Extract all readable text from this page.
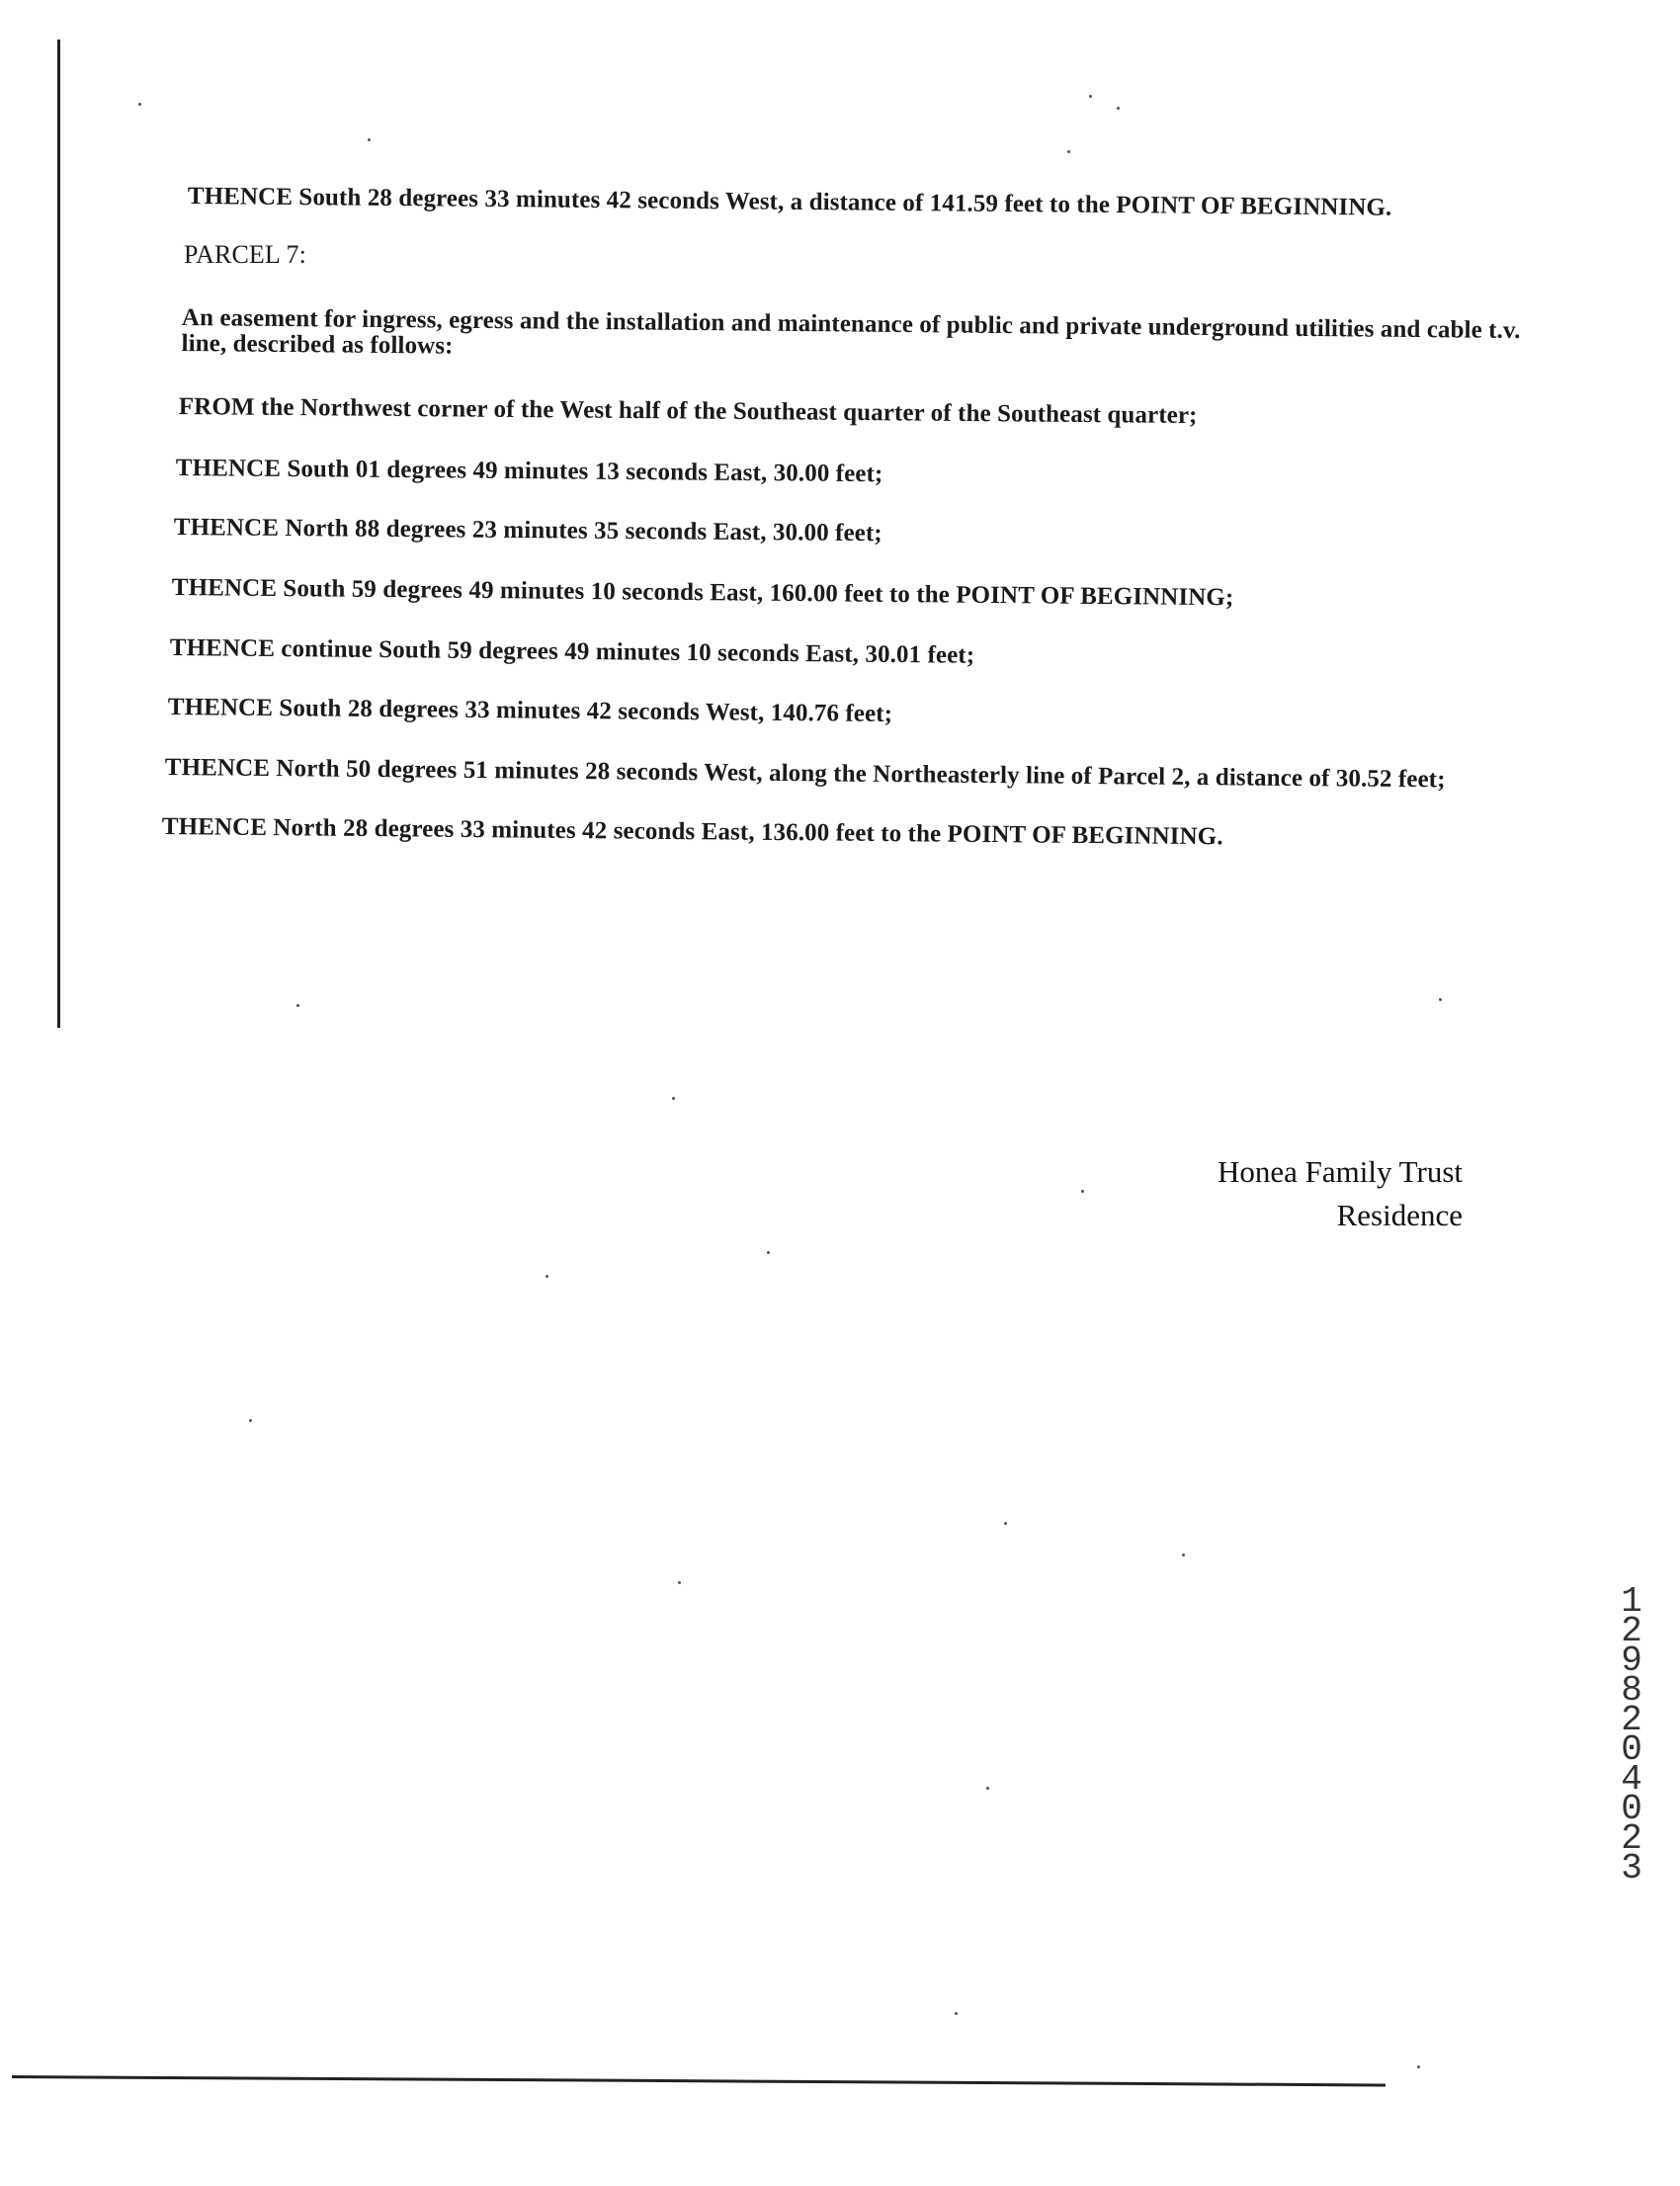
THENCE South 28 degrees 33 minutes 42 seconds West, a distance of 141.59 feet to the POINT OF BEGINNING.

PARCEL 7:

An easement for ingress, egress and the installation and maintenance of public and private underground utilities and cable t.v. line, described as follows:

FROM the Northwest corner of the West half of the Southeast quarter of the Southeast quarter;

THENCE South 01 degrees 49 minutes 13 seconds East, 30.00 feet;

THENCE North 88 degrees 23 minutes 35 seconds East, 30.00 feet;

THENCE South 59 degrees 49 minutes 10 seconds East, 160.00 feet to the POINT OF BEGINNING;

THENCE continue South 59 degrees 49 minutes 10 seconds East, 30.01 feet;

THENCE South 28 degrees 33 minutes 42 seconds West, 140.76 feet;

THENCE North 50 degrees 51 minutes 28 seconds West, along the Northeasterly line of Parcel 2, a distance of 30.52 feet;

THENCE North 28 degrees 33 minutes 42 seconds East, 136.00 feet to the POINT OF BEGINNING.

Honea Family Trust
Residence
12982 04023
